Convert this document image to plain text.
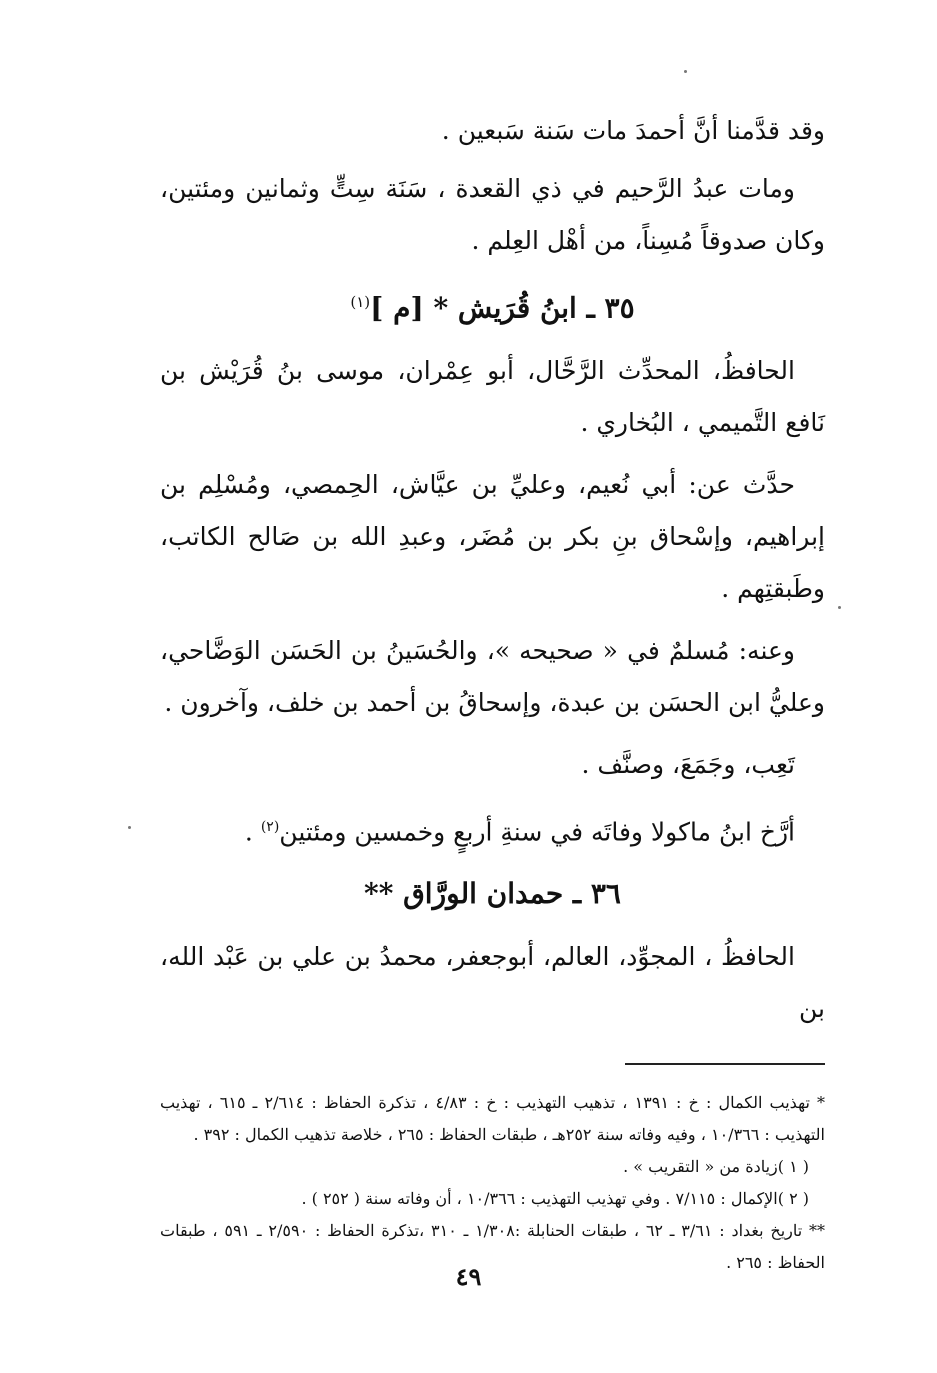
وقد قدَّمنا أنَّ أحمدَ مات سَنة سَبعين .

ومات عبدُ الرَّحيم في ذي القعدة ، سَنَة سِتٍّ وثمانين ومئتين، وكان صدوقاً مُسِناً، من أهْل العِلم .

٣٥ ـ ابنُ قُرَيش * [م ]$^{(١)}$

الحافظُ، المحدِّث الرَّحَّال، أبو عِمْران، موسى بنُ قُرَيْش بن نَافع التَّميمي ، البُخاري .

حدَّث عن: أبي نُعيم، وعليِّ بن عيَّاش، الحِمصي، ومُسْلِم بن إبراهيم، وإسْحاق بنِ بكر بن مُضَر، وعبدِ الله بن صَالح الكاتب، وطَبقتِهم .

وعنه: مُسلمٌ في « صحيحه »، والحُسَينُ بن الحَسَن الوَضَّاحي، وعليُّ ابن الحسَن بن عبدة، وإسحاقُ بن أحمد بن خلف، وآخرون .

تَعِب، وجَمَعَ، وصنَّف .

أرَّخ ابنُ ماكولا وفاتَه في سنةِ أربعٍ وخمسين ومئتين$^{(٢)}$ .

٣٦ ـ حمدان الورَّاق **

الحافظُ ، المجوِّد، العالم، أبوجعفر، محمدُ بن علي بن عَبْد الله، بن

* تهذيب الكمال : خ : ١٣٩١ ، تذهيب التهذيب : خ : ٤/٨٣ ، تذكرة الحفاظ : ٢/٦١٤ ـ ٦١٥ ، تهذيب التهذيب : ١٠/٣٦٦ ، وفيه وفاته سنة ٢٥٢هـ ، طبقات الحفاظ : ٢٦٥ ، خلاصة تذهيب الكمال : ٣٩٢ .

( ١ )زيادة من « التقريب » .

( ٢ )الإكمال : ٧/١١٥ . وفي تهذيب التهذيب : ١٠/٣٦٦ ، أن وفاته سنة ( ٢٥٢ ) .

** تاريخ بغداد : ٣/٦١ ـ ٦٢ ، طبقات الحنابلة :١/٣٠٨ ـ ٣١٠ ،تذكرة الحفاظ : ٢/٥٩٠ ـ ٥٩١ ، طبقات الحفاظ : ٢٦٥ .

٤٩
